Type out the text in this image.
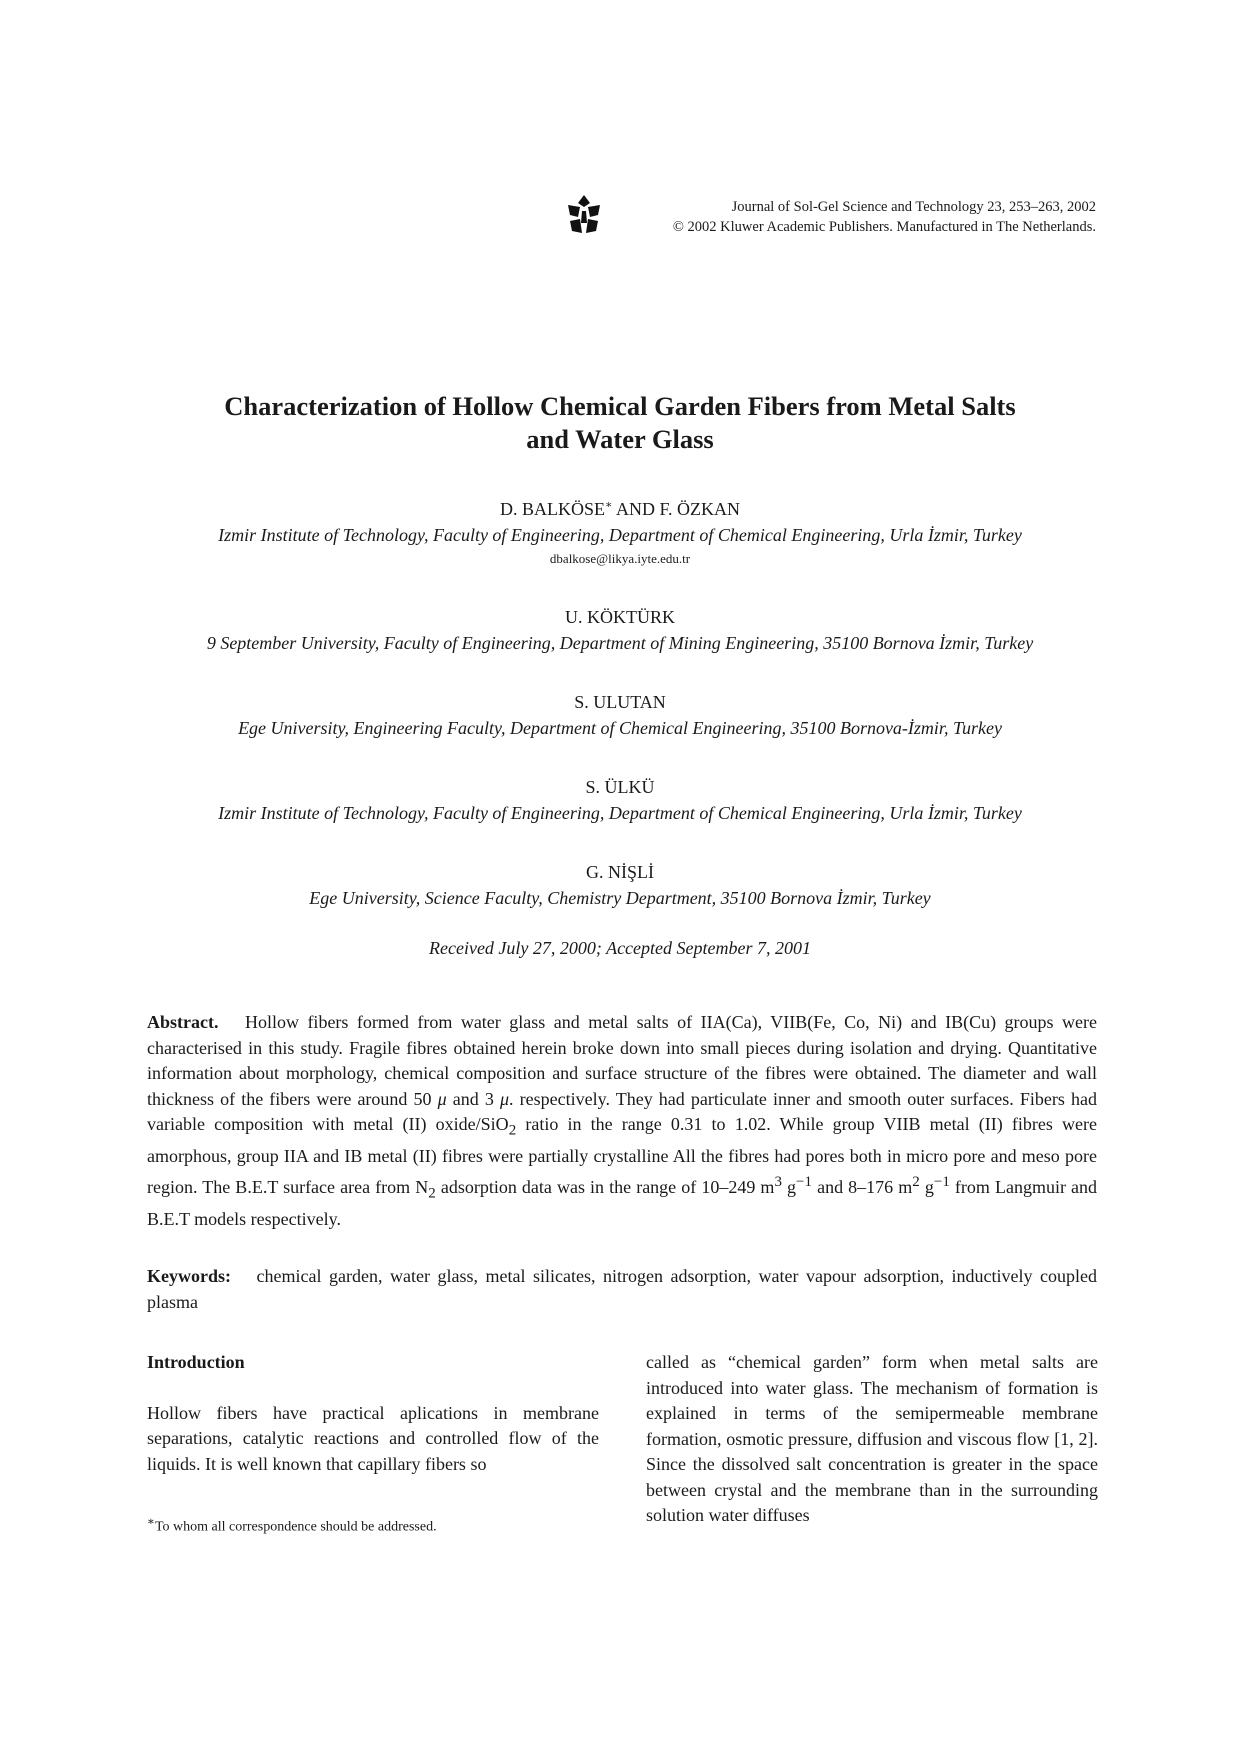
Journal of Sol-Gel Science and Technology 23, 253–263, 2002
© 2002 Kluwer Academic Publishers. Manufactured in The Netherlands.
Characterization of Hollow Chemical Garden Fibers from Metal Salts
and Water Glass
D. BALKÖSE∗ AND F. ÖZKAN
Izmir Institute of Technology, Faculty of Engineering, Department of Chemical Engineering, Urla İzmir, Turkey
dbalkose@likya.iyte.edu.tr
U. KÖKTÜRK
9 September University, Faculty of Engineering, Department of Mining Engineering, 35100 Bornova İzmir, Turkey
S. ULUTAN
Ege University, Engineering Faculty, Department of Chemical Engineering, 35100 Bornova-İzmir, Turkey
S. ÜLKÜ
Izmir Institute of Technology, Faculty of Engineering, Department of Chemical Engineering, Urla İzmir, Turkey
G. NİŞLİ
Ege University, Science Faculty, Chemistry Department, 35100 Bornova İzmir, Turkey
Received July 27, 2000; Accepted September 7, 2001
Abstract. Hollow fibers formed from water glass and metal salts of IIA(Ca), VIIB(Fe, Co, Ni) and IB(Cu) groups were characterised in this study. Fragile fibres obtained herein broke down into small pieces during isolation and drying. Quantitative information about morphology, chemical composition and surface structure of the fibres were obtained. The diameter and wall thickness of the fibers were around 50 μ and 3 μ. respectively. They had particulate inner and smooth outer surfaces. Fibers had variable composition with metal (II) oxide/SiO$_2$ ratio in the range 0.31 to 1.02. While group VIIB metal (II) fibres were amorphous, group IIA and IB metal (II) fibres were partially crystalline All the fibres had pores both in micro pore and meso pore region. The B.E.T surface area from $N_2$ adsorption data was in the range of 10–249 $m^3$ $g^{-1}$ and 8–176 $m^2$ $g^{-1}$ from Langmuir and B.E.T models respectively.
Keywords: chemical garden, water glass, metal silicates, nitrogen adsorption, water vapour adsorption, inductively coupled plasma

Introduction

Hollow fibers have practical aplications in membrane separations, catalytic reactions and controlled flow of the liquids. It is well known that capillary fibers so

called as “chemical garden” form when metal salts are introduced into water glass. The mechanism of formation is explained in terms of the semipermeable membrane formation, osmotic pressure, diffusion and viscous flow [1, 2]. Since the dissolved salt concentration is greater in the space between crystal and the membrane than in the surrounding solution water diffuses

∗To whom all correspondence should be addressed.
